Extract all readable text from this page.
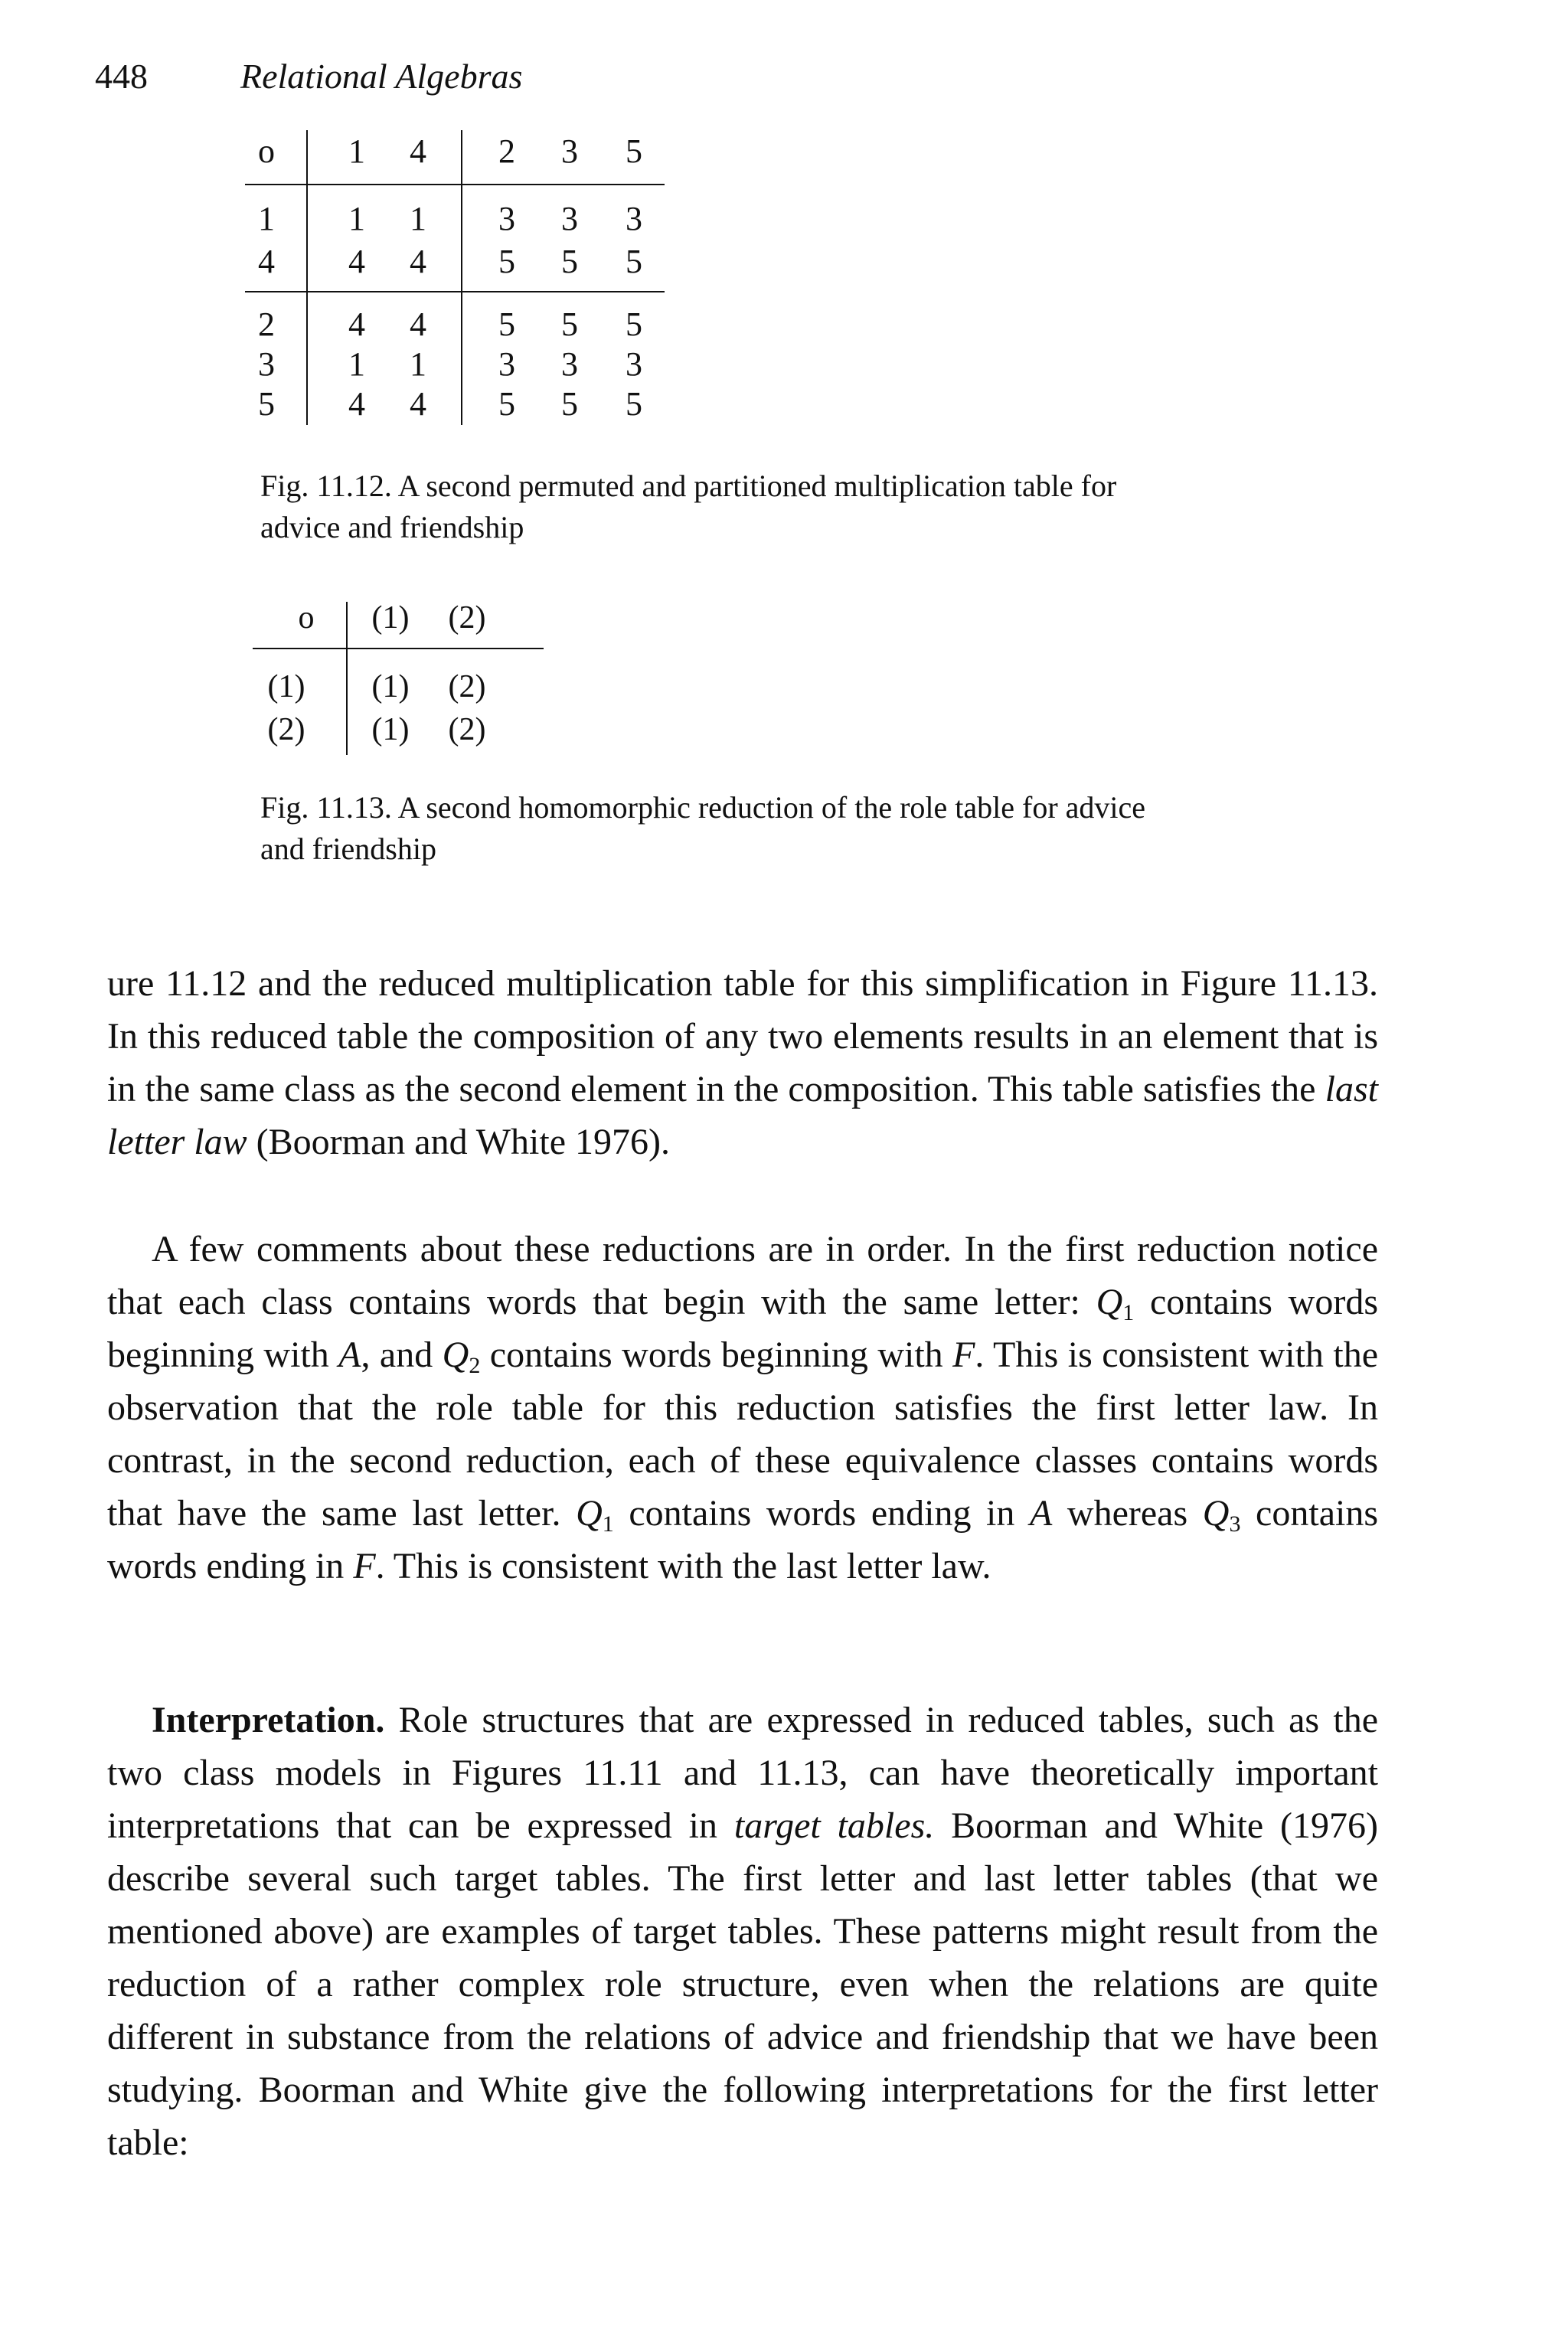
448	Relational Algebras
o 1 4 2 3 5
1 1 1 3 3 3
4 4 4 5 5 5
2 4 4 5 5 5
3 1 1 3 3 3
5 4 4 5 5 5
Fig. 11.12. A second permuted and partitioned multiplication table for
advice and friendship
o	(1)	(2)
(1)	(1)	(2)
(2)	(1)	(2)
Fig. 11.13. A second homomorphic reduction of the role table for advice
and friendship

ure 11.12 and the reduced multiplication table for this simplification in Figure 11.13. In this reduced table the composition of any two elements results in an element that is in the same class as the second element in the composition. This table satisfies the last letter law (Boorman and White 1976).

A few comments about these reductions are in order. In the first reduction notice that each class contains words that begin with the same letter: $Q_1$ contains words beginning with A, and $Q_2$ contains words beginning with F. This is consistent with the observation that the role table for this reduction satisfies the first letter law. In contrast, in the second reduction, each of these equivalence classes contains words that have the same last letter. $Q_1$ contains words ending in A whereas $Q_3$ contains words ending in F. This is consistent with the last letter law.

Interpretation. Role structures that are expressed in reduced tables, such as the two class models in Figures 11.11 and 11.13, can have theoretically important interpretations that can be expressed in target tables. Boorman and White (1976) describe several such target tables. The first letter and last letter tables (that we mentioned above) are examples of target tables. These patterns might result from the reduction of a rather complex role structure, even when the relations are quite different in substance from the relations of advice and friendship that we have been studying. Boorman and White give the following interpretations for the first letter table:
